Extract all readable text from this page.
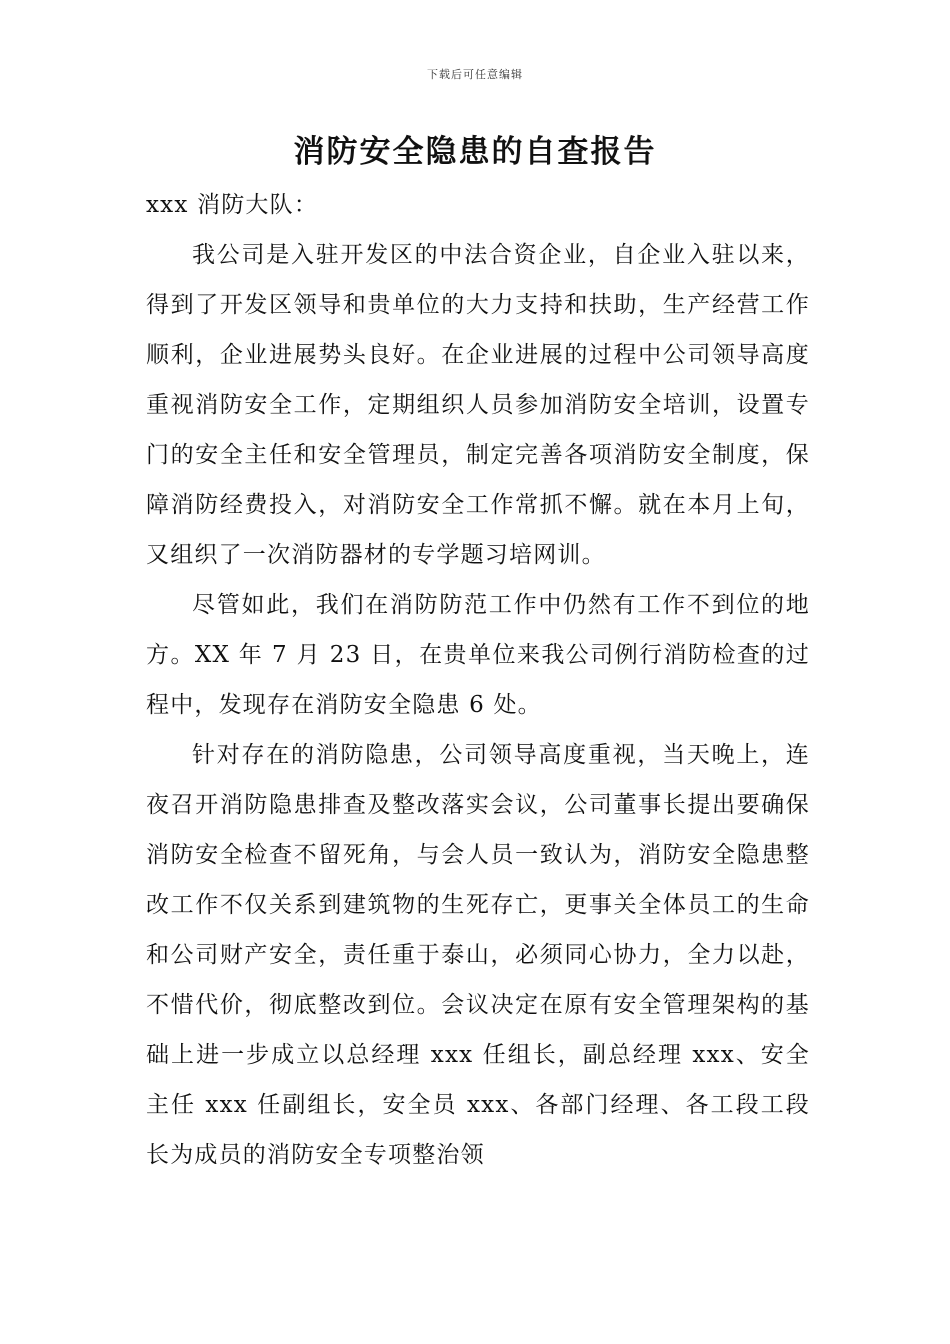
下载后可任意编辑
消防安全隐患的自查报告

xxx 消防大队：

我公司是入驻开发区的中法合资企业，自企业入驻以来，得到了开发区领导和贵单位的大力支持和扶助，生产经营工作顺利，企业进展势头良好。在企业进展的过程中公司领导高度重视消防安全工作，定期组织人员参加消防安全培训，设置专门的安全主任和安全管理员，制定完善各项消防安全制度，保障消防经费投入，对消防安全工作常抓不懈。就在本月上旬，又组织了一次消防器材的专学题习培网训。

尽管如此，我们在消防防范工作中仍然有工作不到位的地方。XX 年 7 月 23 日，在贵单位来我公司例行消防检查的过程中，发现存在消防安全隐患 6 处。

针对存在的消防隐患，公司领导高度重视，当天晚上，连夜召开消防隐患排查及整改落实会议，公司董事长提出要确保消防安全检查不留死角，与会人员一致认为，消防安全隐患整改工作不仅关系到建筑物的生死存亡，更事关全体员工的生命和公司财产安全，责任重于泰山，必须同心协力，全力以赴，不惜代价，彻底整改到位。会议决定在原有安全管理架构的基础上进一步成立以总经理 xxx 任组长，副总经理 xxx、安全主任 xxx 任副组长，安全员 xxx、各部门经理、各工段工段长为成员的消防安全专项整治领
